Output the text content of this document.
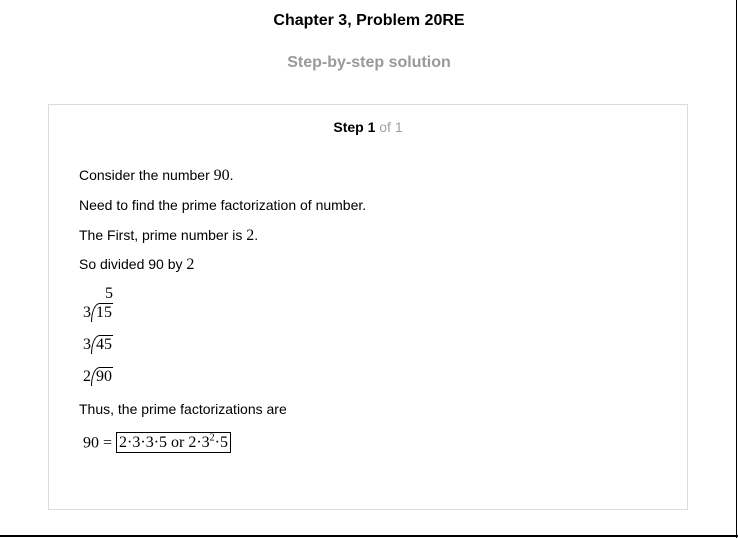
Chapter 3, Problem 20RE
Step-by-step solution
Step 1 of 1
Consider the number 90.
Need to find the prime factorization of number.
The First, prime number is 2.
So divided 90 by 2
5
3 15
3 45
2 90
Thus, the prime factorizations are
90 = 2·3·3·5 or $2\cdot 3^2\cdot 5$
